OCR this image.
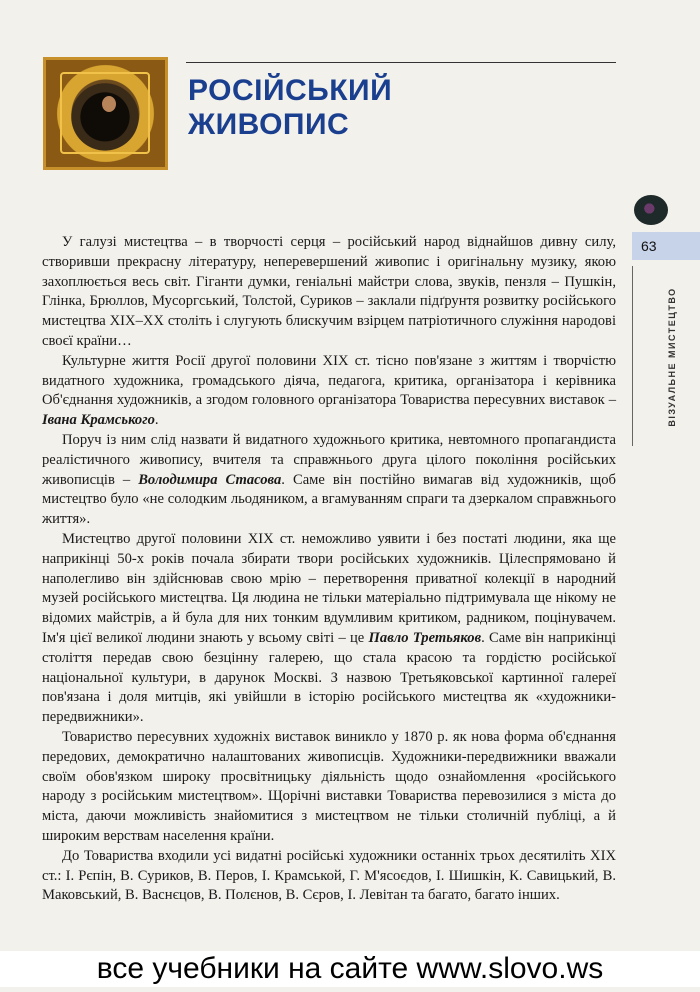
РОСІЙСЬКИЙ
ЖИВОПИС
63
ВІЗУАЛЬНЕ МИСТЕЦТВО

У галузі мистецтва – в творчості серця – російський народ віднайшов дивну силу, створивши прекрасну літературу, неперевершений живопис і оригінальну музику, якою захоплюється весь світ. Гіганти думки, геніальні майстри слова, звуків, пензля – Пушкін, Глінка, Брюллов, Мусоргський, Толстой, Суриков – заклали підґрунтя розвитку російського мистецтва XIX–XX століть і слугують блискучим взірцем патріотичного служіння народові своєї країни…

Культурне життя Росії другої половини XIX ст. тісно пов'язане з життям і творчістю видатного художника, громадського діяча, педагога, критика, організатора і керівника Об'єднання художників, а згодом головного організатора Товариства пересувних виставок – Івана Крамського.

Поруч із ним слід назвати й видатного художнього критика, невтомного пропагандиста реалістичного живопису, вчителя та справжнього друга цілого покоління російських живописців – Володимира Стасова. Саме він постійно вимагав від художників, щоб мистецтво було «не солодким льодяником, а вгамуванням спраги та дзеркалом справжнього життя».

Мистецтво другої половини XIX ст. неможливо уявити і без постаті людини, яка ще наприкінці 50-х років почала збирати твори російських художників. Цілеспрямовано й наполегливо він здійснював свою мрію – перетворення приватної колекції в народний музей російського мистецтва. Ця людина не тільки матеріально підтримувала ще нікому не відомих майстрів, а й була для них тонким вдумливим критиком, радником, поцінувачем. Ім'я цієї великої людини знають у всьому світі – це Павло Третьяков. Саме він наприкінці століття передав свою безцінну галерею, що стала красою та гордістю російської національної культури, в дарунок Москві. З назвою Третьяковської картинної галереї пов'язана і доля митців, які увійшли в історію російського мистецтва як «художники-передвижники».

Товариство пересувних художніх виставок виникло у 1870 р. як нова форма об'єднання передових, демократично налаштованих живописців. Художники-передвижники вважали своїм обов'язком широку просвітницьку діяльність щодо ознайомлення «російського народу з російським мистецтвом». Щорічні виставки Товариства перевозилися з міста до міста, даючи можливість знайомитися з мистецтвом не тільки столичній публіці, а й широким верствам населення країни.

До Товариства входили усі видатні російські художники останніх трьох десятиліть XIX ст.: І. Рєпін, В. Суриков, В. Перов, І. Крамськой, Г. М'ясоєдов, І. Шишкін, К. Савицький, В. Маковський, В. Васнєцов, В. Полєнов, В. Сєров, І. Левітан та багато, багато інших.

все учебники на сайте www.slovo.ws
